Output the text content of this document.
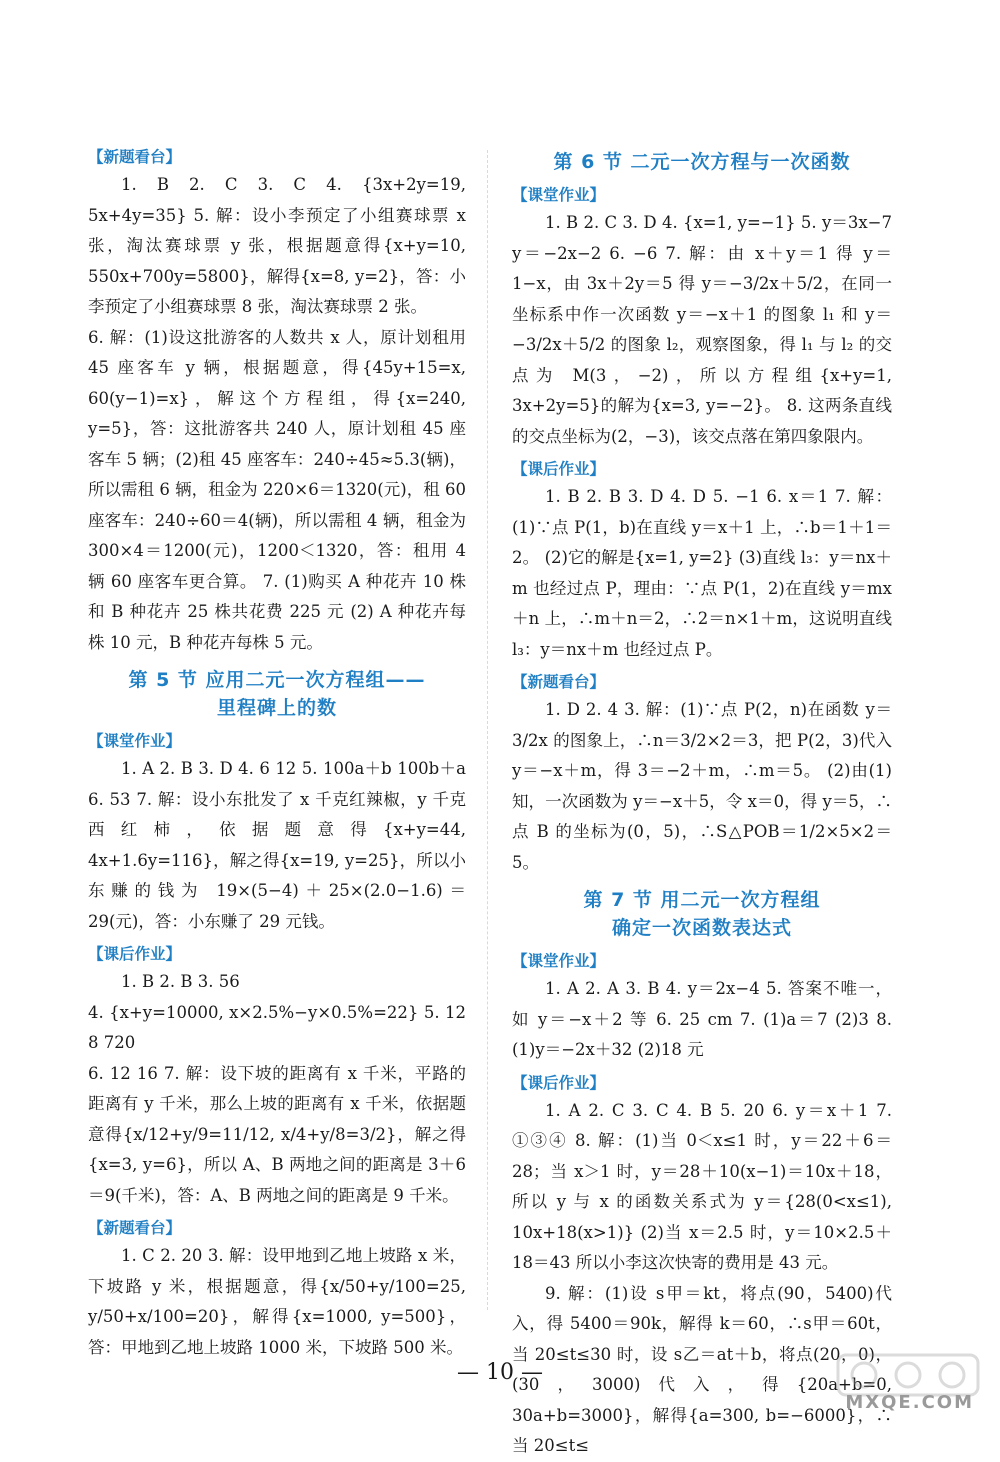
【新题看台】

1. B 2. C 3. C 4. {3x+2y=19, 5x+4y=35} 5. 解：设小李预定了小组赛球票 x 张，淘汰赛球票 y 张，根据题意得{x+y=10, 550x+700y=5800}，解得{x=8, y=2}，答：小李预定了小组赛球票 8 张，淘汰赛球票 2 张。

6. 解：(1)设这批游客的人数共 x 人，原计划租用 45 座客车 y 辆，根据题意，得{45y+15=x, 60(y−1)=x}，解这个方程组，得{x=240, y=5}，答：这批游客共 240 人，原计划租 45 座客车 5 辆；(2)租 45 座客车：240÷45≈5.3(辆)，所以需租 6 辆，租金为 220×6＝1320(元)，租 60 座客车：240÷60＝4(辆)，所以需租 4 辆，租金为 300×4＝1200(元)，1200＜1320，答：租用 4 辆 60 座客车更合算。 7. (1)购买 A 种花卉 10 株和 B 种花卉 25 株共花费 225 元 (2) A 种花卉每株 10 元，B 种花卉每株 5 元。

第 5 节 应用二元一次方程组——
里程碑上的数
【课堂作业】

1. A 2. B 3. D 4. 6 12 5. 100a＋b 100b＋a 6. 53 7. 解：设小东批发了 x 千克红辣椒，y 千克西红柿，依据题意得{x+y=44, 4x+1.6y=116}，解之得{x=19, y=25}，所以小东赚的钱为 19×(5−4)＋25×(2.0−1.6)＝29(元)，答：小东赚了 29 元钱。

【课后作业】

1. B 2. B 3. 56

4. {x+y=10000, x×2.5%−y×0.5%=22} 5. 12 8 720

6. 12 16 7. 解：设下坡的距离有 x 千米，平路的距离有 y 千米，那么上坡的距离有 x 千米，依据题意得{x/12+y/9=11/12, x/4+y/8=3/2}，解之得{x=3, y=6}，所以 A、B 两地之间的距离是 3＋6＝9(千米)，答：A、B 两地之间的距离是 9 千米。

【新题看台】

1. C 2. 20 3. 解：设甲地到乙地上坡路 x 米，下坡路 y 米，根据题意，得{x/50+y/100=25, y/50+x/100=20}，解得{x=1000, y=500}，答：甲地到乙地上坡路 1000 米，下坡路 500 米。

第 6 节 二元一次方程与一次函数
【课堂作业】

1. B 2. C 3. D 4. {x=1, y=−1} 5. y＝3x−7 y＝−2x−2 6. −6 7. 解：由 x＋y＝1 得 y＝1−x，由 3x＋2y＝5 得 y＝−3/2x＋5/2，在同一坐标系中作一次函数 y＝−x＋1 的图象 l₁ 和 y＝−3/2x＋5/2 的图象 l₂，观察图象，得 l₁ 与 l₂ 的交点为 M(3，−2)，所以方程组{x+y=1, 3x+2y=5}的解为{x=3, y=−2}。 8. 这两条直线的交点坐标为(2，−3)，该交点落在第四象限内。

【课后作业】

1. B 2. B 3. D 4. D 5. −1 6. x＝1 7. 解：(1)∵点 P(1，b)在直线 y＝x＋1 上，∴b＝1＋1＝2。 (2)它的解是{x=1, y=2} (3)直线 l₃：y＝nx＋m 也经过点 P，理由：∵点 P(1，2)在直线 y＝mx＋n 上，∴m＋n＝2，∴2＝n×1＋m，这说明直线 l₃：y＝nx＋m 也经过点 P。

【新题看台】

1. D 2. 4 3. 解：(1)∵点 P(2，n)在函数 y＝3/2x 的图象上，∴n＝3/2×2＝3，把 P(2，3)代入 y＝−x＋m，得 3＝−2＋m，∴m＝5。 (2)由(1)知，一次函数为 y＝−x＋5，令 x＝0，得 y＝5，∴点 B 的坐标为(0，5)，∴S△POB＝1/2×5×2＝5。

第 7 节 用二元一次方程组
确定一次函数表达式
【课堂作业】

1. A 2. A 3. B 4. y＝2x−4 5. 答案不唯一，如 y＝−x＋2 等 6. 25 cm 7. (1)a＝7 (2)3 8. (1)y＝−2x＋32 (2)18 元

【课后作业】

1. A 2. C 3. C 4. B 5. 20 6. y＝x＋1 7. ①③④ 8. 解：(1)当 0＜x≤1 时，y＝22＋6＝28；当 x＞1 时，y＝28＋10(x−1)＝10x＋18，所以 y 与 x 的函数关系式为 y＝{28(0<x≤1), 10x+18(x>1)} (2)当 x＝2.5 时，y＝10×2.5＋18＝43 所以小李这次快寄的费用是 43 元。

9. 解：(1)设 s甲＝kt，将点(90，5400)代入，得 5400＝90k，解得 k＝60，∴s甲＝60t，当 20≤t≤30 时，设 s乙＝at＋b，将点(20，0)，(30，3000)代入，得{20a+b=0, 30a+b=3000}，解得{a=300, b=−6000}，∴当 20≤t≤

— 10 —
MXQE.COM
